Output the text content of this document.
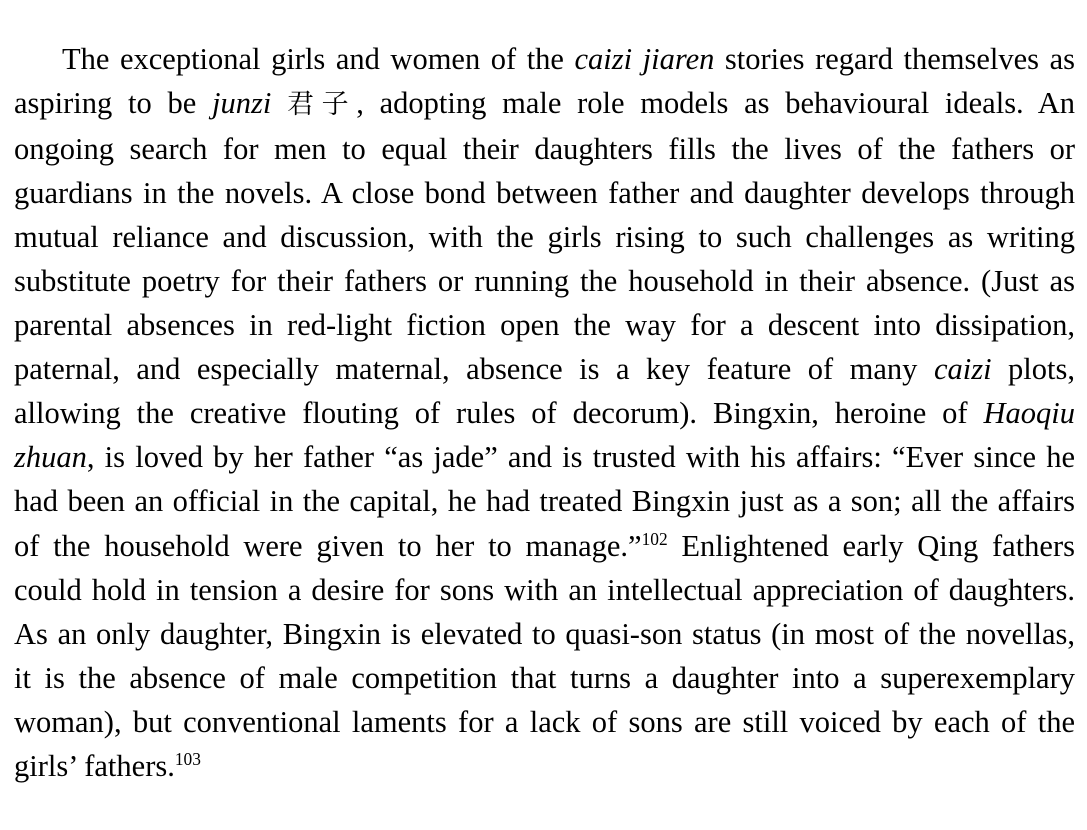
The exceptional girls and women of the caizi jiaren stories regard themselves as aspiring to be junzi 君子, adopting male role models as behavioural ideals. An ongoing search for men to equal their daughters fills the lives of the fathers or guardians in the novels. A close bond between father and daughter develops through mutual reliance and discussion, with the girls rising to such challenges as writing substitute poetry for their fathers or running the household in their absence. (Just as parental absences in red-light fiction open the way for a descent into dissipation, paternal, and especially maternal, absence is a key feature of many caizi plots, allowing the creative flouting of rules of decorum). Bingxin, heroine of Haoqiu zhuan, is loved by her father “as jade” and is trusted with his affairs: “Ever since he had been an official in the capital, he had treated Bingxin just as a son; all the affairs of the household were given to her to manage.”$^{102}$ Enlightened early Qing fathers could hold in tension a desire for sons with an intellectual appreciation of daughters. As an only daughter, Bingxin is elevated to quasi-son status (in most of the novellas, it is the absence of male competition that turns a daughter into a superexemplary woman), but conventional laments for a lack of sons are still voiced by each of the girls’ fathers.$^{103}$
